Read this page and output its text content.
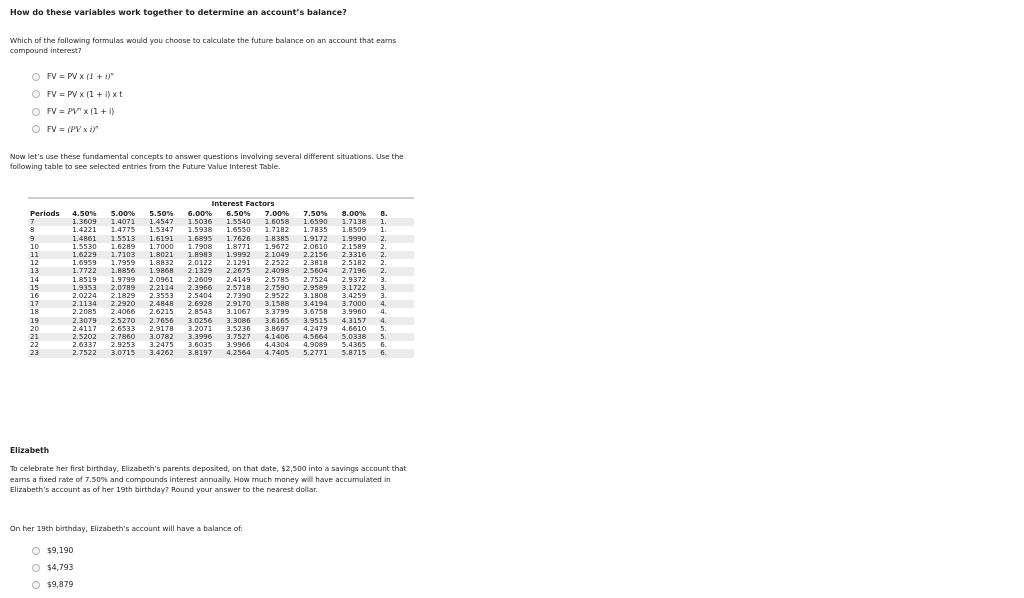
How do these variables work together to determine an account’s balance?

Which of the following formulas would you choose to calculate the future balance on an account that earns compound interest?

FV = PV x $(1 + i)^n$
FV = PV x (1 + i) x t
FV = $PV^n$ x (1 + i)
FV = (PV x i)$^n$

Now let’s use these fundamental concepts to answer questions involving several different situations. Use the following table to see selected entries from the Future Value Interest Table.

	Interest Factors								
Periods	4.50%	5.00%	5.50%	6.00%	6.50%	7.00%	7.50%	8.00%	8.
7	1.3609	1.4071	1.4547	1.5036	1.5540	1.6058	1.6590	1.7138	1.
8	1.4221	1.4775	1.5347	1.5938	1.6550	1.7182	1.7835	1.8509	1.
9	1.4861	1.5513	1.6191	1.6895	1.7626	1.8385	1.9172	1.9990	2.
10	1.5530	1.6289	1.7000	1.7908	1.8771	1.9672	2.0610	2.1589	2.
11	1.6229	1.7103	1.8021	1.8983	1.9992	2.1049	2.2156	2.3316	2.
12	1.6959	1.7959	1.8832	2.0122	2.1291	2.2522	2.3818	2.5182	2.
13	1.7722	1.8856	1.9868	2.1329	2.2675	2.4098	2.5604	2.7196	2.
14	1.8519	1.9799	2.0961	2.2609	2.4149	2.5785	2.7524	2.9372	3.
15	1.9353	2.0789	2.2114	2.3966	2.5718	2.7590	2.9589	3.1722	3.
16	2.0224	2.1829	2.3553	2.5404	2.7390	2.9522	3.1808	3.4259	3.
17	2.1134	2.2920	2.4848	2.6928	2.9170	3.1588	3.4194	3.7000	4.
18	2.2085	2.4066	2.6215	2.8543	3.1067	3.3799	3.6758	3.9960	4.
19	2.3079	2.5270	2.7656	3.0256	3.3086	3.6165	3.9515	4.3157	4.
20	2.4117	2.6533	2.9178	3.2071	3.5236	3.8697	4.2479	4.6610	5.
21	2.5202	2.7860	3.0782	3.3996	3.7527	4.1406	4.5664	5.0338	5.
22	2.6337	2.9253	3.2475	3.6035	3.9966	4.4304	4.9089	5.4365	6.
23	2.7522	3.0715	3.4262	3.8197	4.2564	4.7405	5.2771	5.8715	6.

Elizabeth

To celebrate her first birthday, Elizabeth’s parents deposited, on that date, $2,500 into a savings account that earns a fixed rate of 7.50% and compounds interest annually. How much money will have accumulated in Elizabeth’s account as of her 19th birthday? Round your answer to the nearest dollar.

On her 19th birthday, Elizabeth’s account will have a balance of:

$9,190
$4,793
$9,879
